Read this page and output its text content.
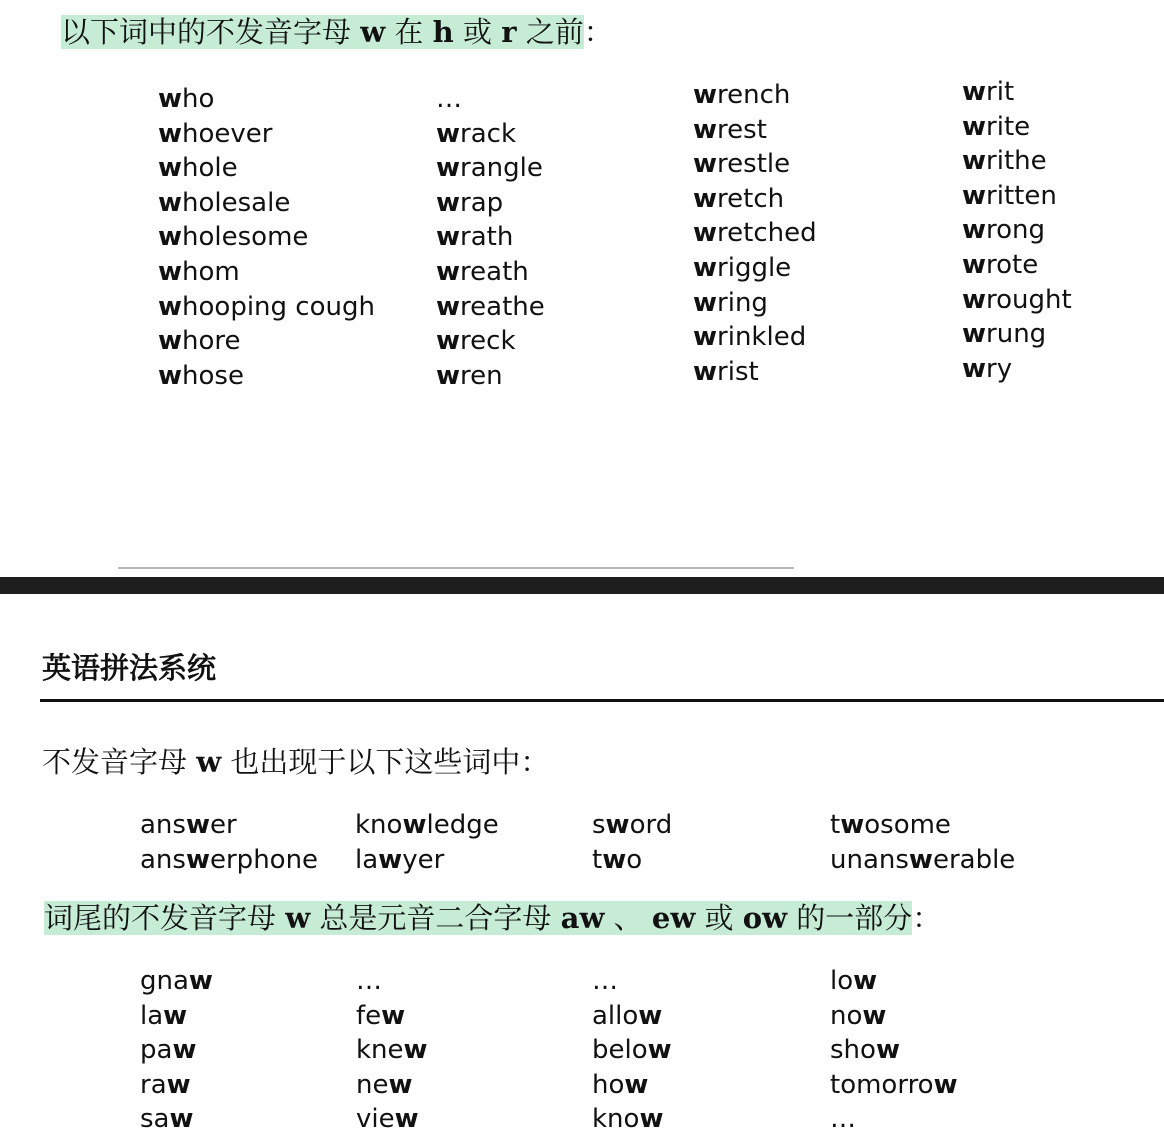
以下词中的不发音字母 w 在 h 或 r 之前：
who
whoever
whole
wholesale
wholesome
whom
whooping cough
whore
whose
…
wrack
wrangle
wrap
wrath
wreath
wreathe
wreck
wren
wrench
wrest
wrestle
wretch
wretched
wriggle
wring
wrinkled
wrist
writ
write
writhe
written
wrong
wrote
wrought
wrung
wry
英语拼法系统
不发音字母 w 也出现于以下这些词中：
answer
answerphone
knowledge
lawyer
sword
two
twosome
unanswerable
词尾的不发音字母 w 总是元音二合字母 aw 、 ew 或 ow 的一部分：
gnaw
law
paw
raw
saw
…
few
knew
new
view
…
allow
below
how
know
low
now
show
tomorrow
…
